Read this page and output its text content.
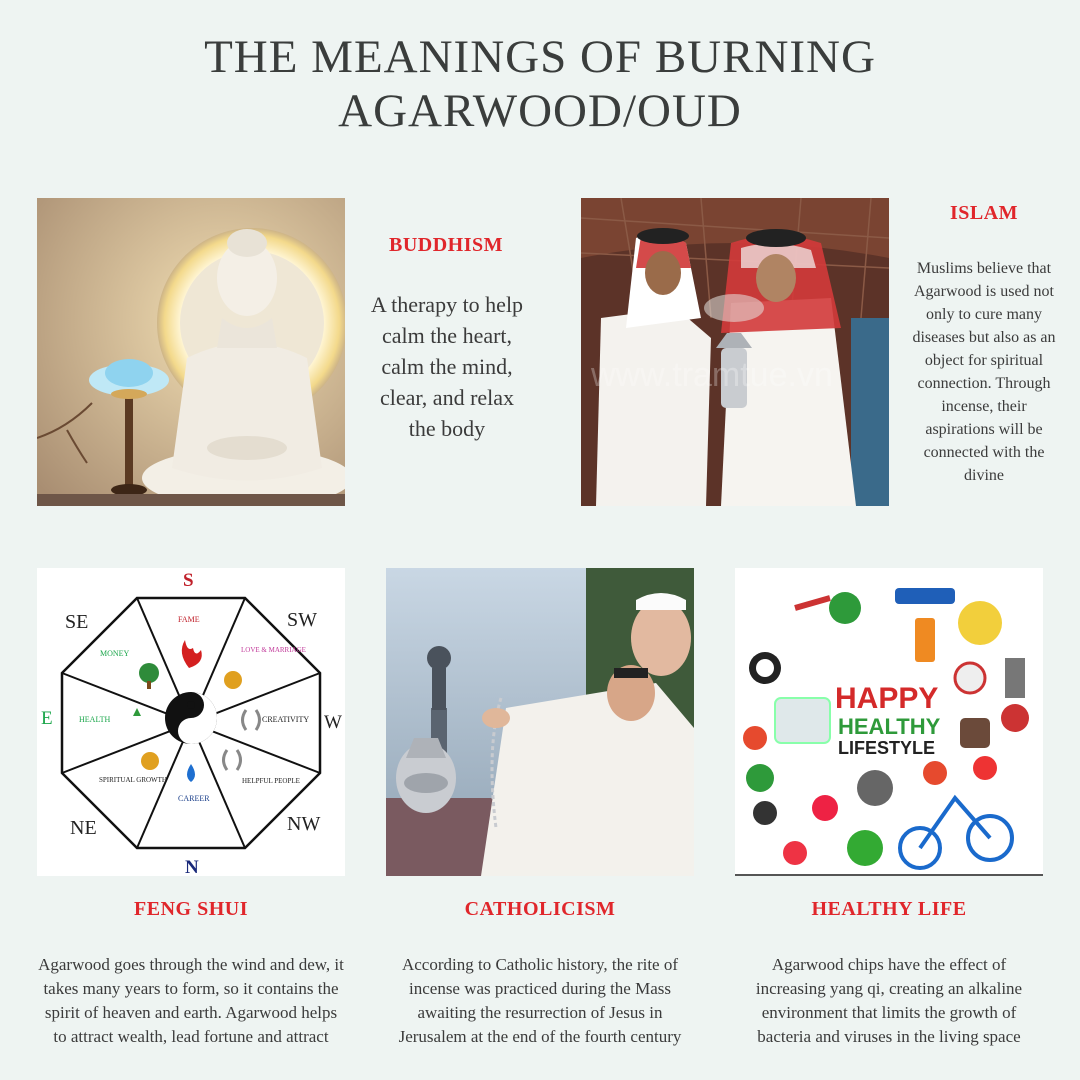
THE MEANINGS OF BURNING
AGARWOOD/OUD
BUDDHISM
A therapy to help calm the heart, calm the mind, clear, and relax the body
www.tramtue.vn
ISLAM
Muslims believe that Agarwood is used not only to cure many diseases but also as an object for spiritual connection. Through incense, their aspirations will be connected with the divine
S
SW
W
NW
N
NE
E
SE	FAME
LOVE & MARRIAGE
CREATIVITY
HELPFUL PEOPLE
CAREER
SPIRITUAL GROWTH
HEALTH
MONEY
FENG SHUI
Agarwood goes through the wind and dew, it takes many years to form, so it contains the spirit of heaven and earth. Agarwood helps to attract wealth, lead fortune and attract
CATHOLICISM
According to Catholic history, the rite of incense was practiced during the Mass awaiting the resurrection of Jesus in Jerusalem at the end of the fourth century
HAPPY
HEALTHY
LIFESTYLE
HEALTHY LIFE
Agarwood chips have the effect of increasing yang qi, creating an alkaline environment that limits the growth of bacteria and viruses in the living space
